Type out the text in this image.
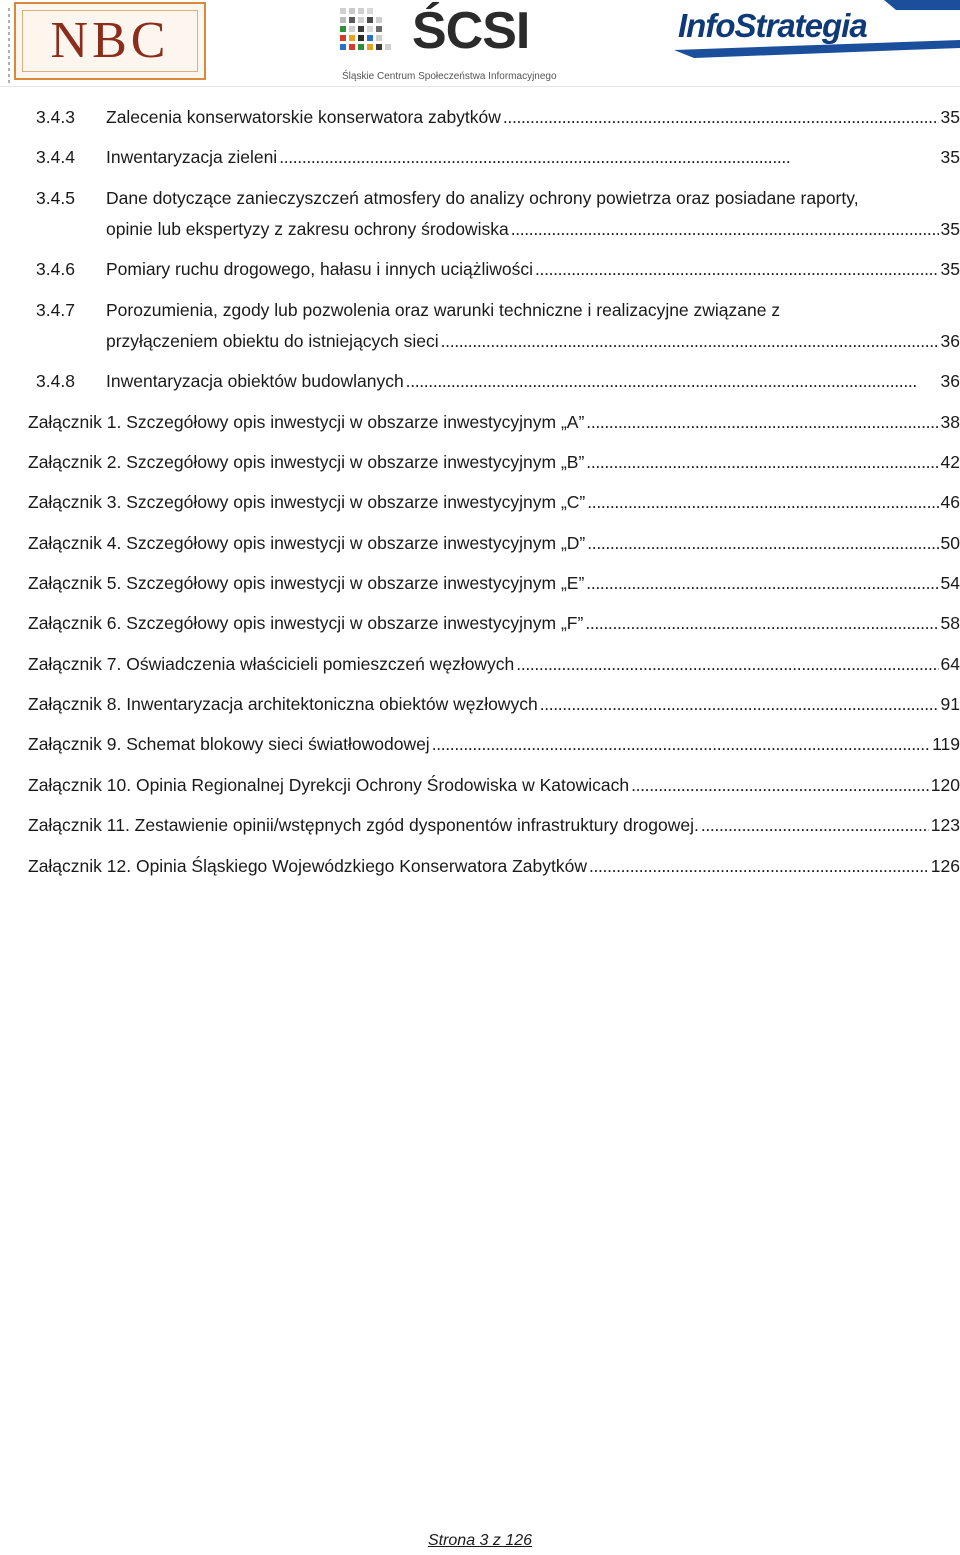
NBC	ŚCSI
Śląskie Centrum Społeczeństwa Informacyjnego
InfoStrategia
3.4.3	Zalecenia konserwatorskie konserwatora zabytków . . .	35
3.4.4	Inwentaryzacja zieleni . . .	35
3.4.5	Dane dotyczące zanieczyszczeń atmosfery do analizy ochrony powietrza oraz posiadane raporty,
opinie lub ekspertyzy z zakresu ochrony środowiska . . .	35
3.4.6	Pomiary ruchu drogowego, hałasu i innych uciążliwości . . .	35
3.4.7	Porozumienia, zgody lub pozwolenia oraz warunki techniczne i realizacyjne związane z
przyłączeniem obiektu do istniejących sieci . . .	36
3.4.8	Inwentaryzacja obiektów budowlanych . . .	36
Załącznik 1. Szczegółowy opis inwestycji w obszarze inwestycyjnym „A” . . .	38
Załącznik 2. Szczegółowy opis inwestycji w obszarze inwestycyjnym „B” . . .	42
Załącznik 3. Szczegółowy opis inwestycji w obszarze inwestycyjnym „C” . . .	46
Załącznik 4. Szczegółowy opis inwestycji w obszarze inwestycyjnym „D” . . .	50
Załącznik 5. Szczegółowy opis inwestycji w obszarze inwestycyjnym „E” . . .	54
Załącznik 6. Szczegółowy opis inwestycji w obszarze inwestycyjnym „F” . . .	58
Załącznik 7. Oświadczenia właścicieli pomieszczeń węzłowych . . .	64
Załącznik 8. Inwentaryzacja architektoniczna obiektów węzłowych . . .	91
Załącznik 9. Schemat blokowy sieci światłowodowej . . .	119
Załącznik 10. Opinia Regionalnej Dyrekcji Ochrony Środowiska w Katowicach . . .	120
Załącznik 11. Zestawienie opinii/wstępnych zgód dysponentów infrastruktury drogowej. . . .	123
Załącznik 12. Opinia Śląskiego Wojewódzkiego Konserwatora Zabytków . . .	126
Strona 3 z 126
